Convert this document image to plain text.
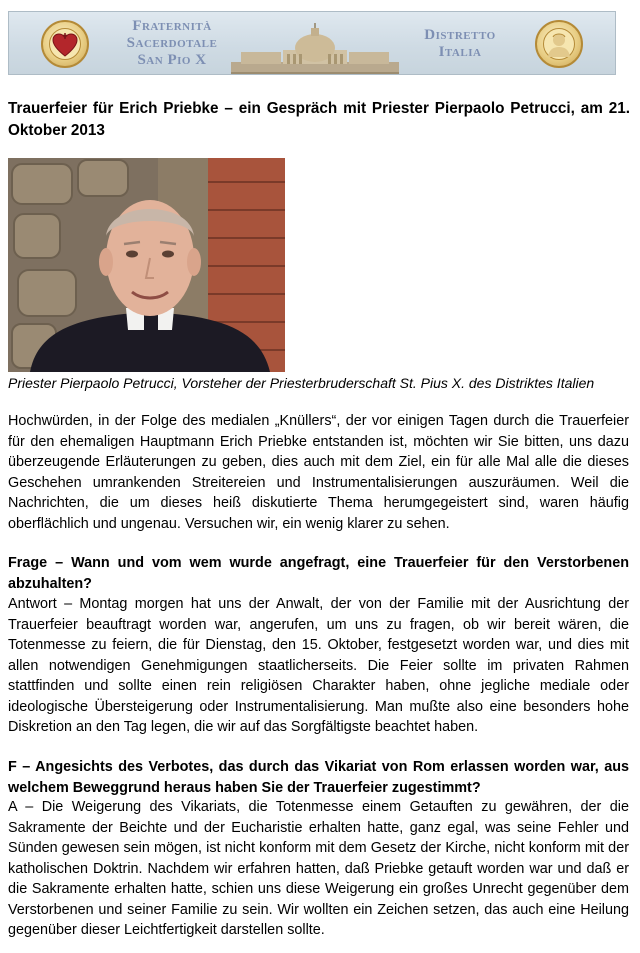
Fraternità
Sacerdotale
San Pio X
Distretto
Italia
Trauerfeier für Erich Priebke – ein Gespräch mit Priester Pierpaolo Petrucci, am 21. Oktober 2013
Priester Pierpaolo Petrucci, Vorsteher der Priesterbruderschaft St. Pius X. des Distriktes Italien

Hochwürden, in der Folge des medialen „Knüllers“, der vor einigen Tagen durch die Trauerfeier für den ehemaligen Hauptmann Erich Priebke entstanden ist, möchten wir Sie bitten, uns dazu überzeugende Erläuterungen zu geben, dies auch mit dem Ziel, ein für alle Mal alle die dieses Geschehen umrankenden Streitereien und Instrumentalisierungen auszuräumen. Weil die Nachrichten, die um dieses heiß diskutierte Thema herumgegeistert sind, waren häufig oberflächlich und ungenau. Versuchen wir, ein wenig klarer zu sehen.

Frage – Wann und vom wem wurde angefragt, eine Trauerfeier für den Verstorbenen abzuhalten?

Antwort – Montag morgen hat uns der Anwalt, der von der Familie mit der Ausrichtung der Trauerfeier beauftragt worden war, angerufen, um uns zu fragen, ob wir bereit wären, die Totenmesse zu feiern, die für Dienstag, den 15. Oktober, festgesetzt worden war, und dies mit allen notwendigen Genehmigungen staatlicherseits. Die Feier sollte im privaten Rahmen stattfinden und sollte einen rein religiösen Charakter haben, ohne jegliche mediale oder ideologische Übersteigerung oder Instrumentalisierung. Man mußte also eine besonders hohe Diskretion an den Tag legen, die wir auf das Sorgfältigste beachtet haben.

F – Angesichts des Verbotes, das durch das Vikariat von Rom erlassen worden war, aus welchem Beweggrund heraus haben Sie der Trauerfeier zugestimmt?

A – Die Weigerung des Vikariats, die Totenmesse einem Getauften zu gewähren, der die Sakramente der Beichte und der Eucharistie erhalten hatte, ganz egal, was seine Fehler und Sünden gewesen sein mögen, ist nicht konform mit dem Gesetz der Kirche, nicht konform mit der katholischen Doktrin. Nachdem wir erfahren hatten, daß Priebke getauft worden war und daß er die Sakramente erhalten hatte, schien uns diese Weigerung ein großes Unrecht gegenüber dem Verstorbenen und seiner Familie zu sein. Wir wollten ein Zeichen setzen, das auch eine Heilung gegenüber dieser Leichtfertigkeit darstellen sollte.
